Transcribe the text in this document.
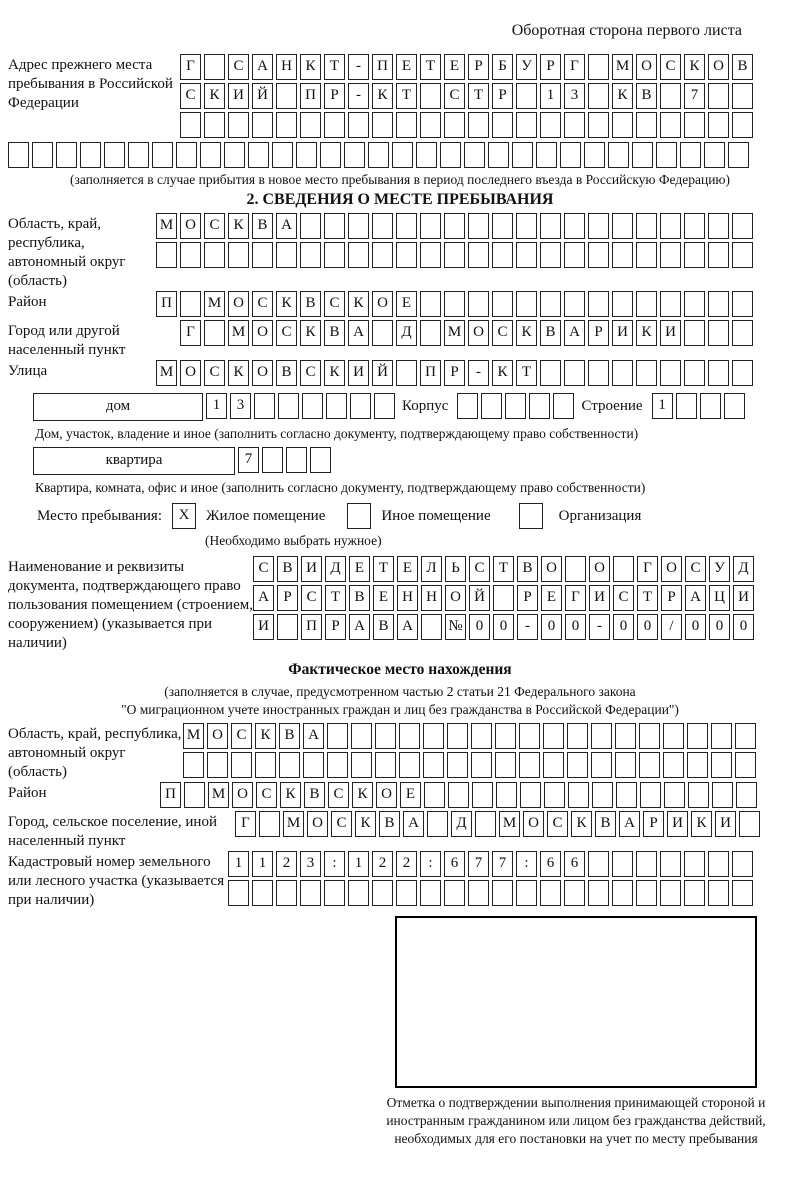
Оборотная сторона первого листа
Адрес прежнего места пребывания в Российской Федерации
Г	С А Н К Т - П Е Т Е Р Б У Р Г М О С К О В
С К И Й П Р - К Т	С Т Р	1 3	К В	7
(заполняется в случае прибытия в новое место пребывания в период последнего въезда в Российскую Федерацию)
2. СВЕДЕНИЯ О МЕСТЕ ПРЕБЫВАНИЯ
Область, край, республика, автономный округ (область)
М О С К В А
Район	П М О С К В С К О Е
Город или другой населенный пункт
Г М О С К В А Д М О С К В А Р И К И
Улица	М О С К О В С К И Й П Р - К Т
дом	1 3	Корпус	Строение 1
Дом, участок, владение и иное (заполнить согласно документу, подтверждающему право собственности)
квартира	7
Квартира, комната, офис и иное (заполнить согласно документу, подтверждающему право собственности)
Место пребывания: X Жилое помещение	Иное помещение	Организация
(Необходимо выбрать нужное)
Наименование и реквизиты документа, подтверждающего право пользования помещением (строением, сооружением) (указывается при наличии)
С В И Д Е Т Е Л Ь С Т В О О	Г О С У Д
А Р С Т В Е Н Н О Й	Р Е Г И С Т Р А Ц И
И П Р А В А № 0 0 - 0 0 - 0 0 / 0 0 0
Фактическое место нахождения
(заполняется в случае, предусмотренном частью 2 статьи 21 Федерального закона
"О миграционном учете иностранных граждан и лиц без гражданства в Российской Федерации")
Область, край, республика, автономный округ (область)
М О С К В А
Район	П М О С К В С К О Е
Город, сельское поселение, иной населенный пункт
Г М О С К В А Д М О С К В А Р И К И
Кадастровый номер земельного или лесного участка (указывается при наличии)
1 1 2 3 : 1 2 2 : 6 7 7 : 6 6
Отметка о подтверждении выполнения принимающей стороной и иностранным гражданином или лицом без гражданства действий, необходимых для его постановки на учет по месту пребывания
